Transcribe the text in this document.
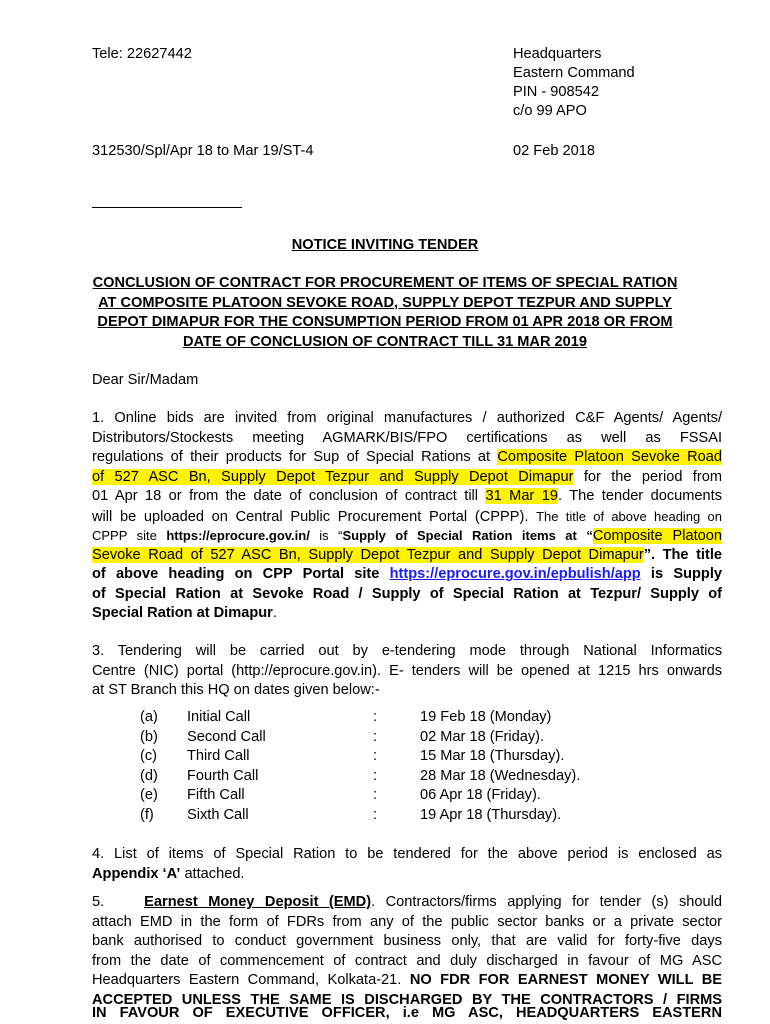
Tele: 22627442	Headquarters
Eastern Command
PIN - 908542
c/o 99 APO
312530/Spl/Apr 18 to Mar 19/ST-4	02 Feb 2018
NOTICE INVITING TENDER
CONCLUSION OF CONTRACT FOR PROCUREMENT OF ITEMS OF SPECIAL RATION
AT COMPOSITE PLATOON SEVOKE ROAD, SUPPLY DEPOT TEZPUR AND SUPPLY
DEPOT DIMAPUR FOR THE CONSUMPTION PERIOD FROM 01 APR 2018 OR FROM
DATE OF CONCLUSION OF CONTRACT TILL 31 MAR 2019
Dear Sir/Madam
1. Online bids are invited from original manufactures / authorized C&F Agents/ Agents/
Distributors/Stockests meeting AGMARK/BIS/FPO certifications as well as FSSAI
regulations of their products for Sup of Special Rations at Composite Platoon Sevoke Road
of 527 ASC Bn, Supply Depot Tezpur and Supply Depot Dimapur for the period from
01 Apr 18 or from the date of conclusion of contract till 31 Mar 19. The tender documents
will be uploaded on Central Public Procurement Portal (CPPP). The title of above heading on
CPPP site https://eprocure.gov.in/ is “Supply of Special Ration items at “Composite Platoon
Sevoke Road of 527 ASC Bn, Supply Depot Tezpur and Supply Depot Dimapur”. The title
of above heading on CPP Portal site https://eprocure.gov.in/epbulish/app is Supply
of Special Ration at Sevoke Road / Supply of Special Ration at Tezpur/ Supply of
Special Ration at Dimapur.
3. Tendering will be carried out by e-tendering mode through National Informatics
Centre (NIC) portal (http://eprocure.gov.in). E- tenders will be opened at 1215 hrs onwards
at ST Branch this HQ on dates given below:-
(a) Initial Call	:	19 Feb 18 (Monday)
(b) Second Call	:	02 Mar 18 (Friday).
(c) Third Call	:	15 Mar 18 (Thursday).
(d) Fourth Call	:	28 Mar 18 (Wednesday).
(e) Fifth Call	:	06 Apr 18 (Friday).
(f) Sixth Call	:	19 Apr 18 (Thursday).
4. List of items of Special Ration to be tendered for the above period is enclosed as
Appendix ‘A’ attached.
5.	Earnest Money Deposit (EMD). Contractors/firms applying for tender (s) should
attach EMD in the form of FDRs from any of the public sector banks or a private sector
bank authorised to conduct government business only, that are valid for forty-five days
from the date of commencement of contract and duly discharged in favour of MG ASC
Headquarters Eastern Command, Kolkata-21. NO FDR FOR EARNEST MONEY WILL BE
ACCEPTED UNLESS THE SAME IS DISCHARGED BY THE CONTRACTORS / FIRMS
IN FAVOUR OF EXECUTIVE OFFICER, i.e MG ASC, HEADQUARTERS EASTERN
